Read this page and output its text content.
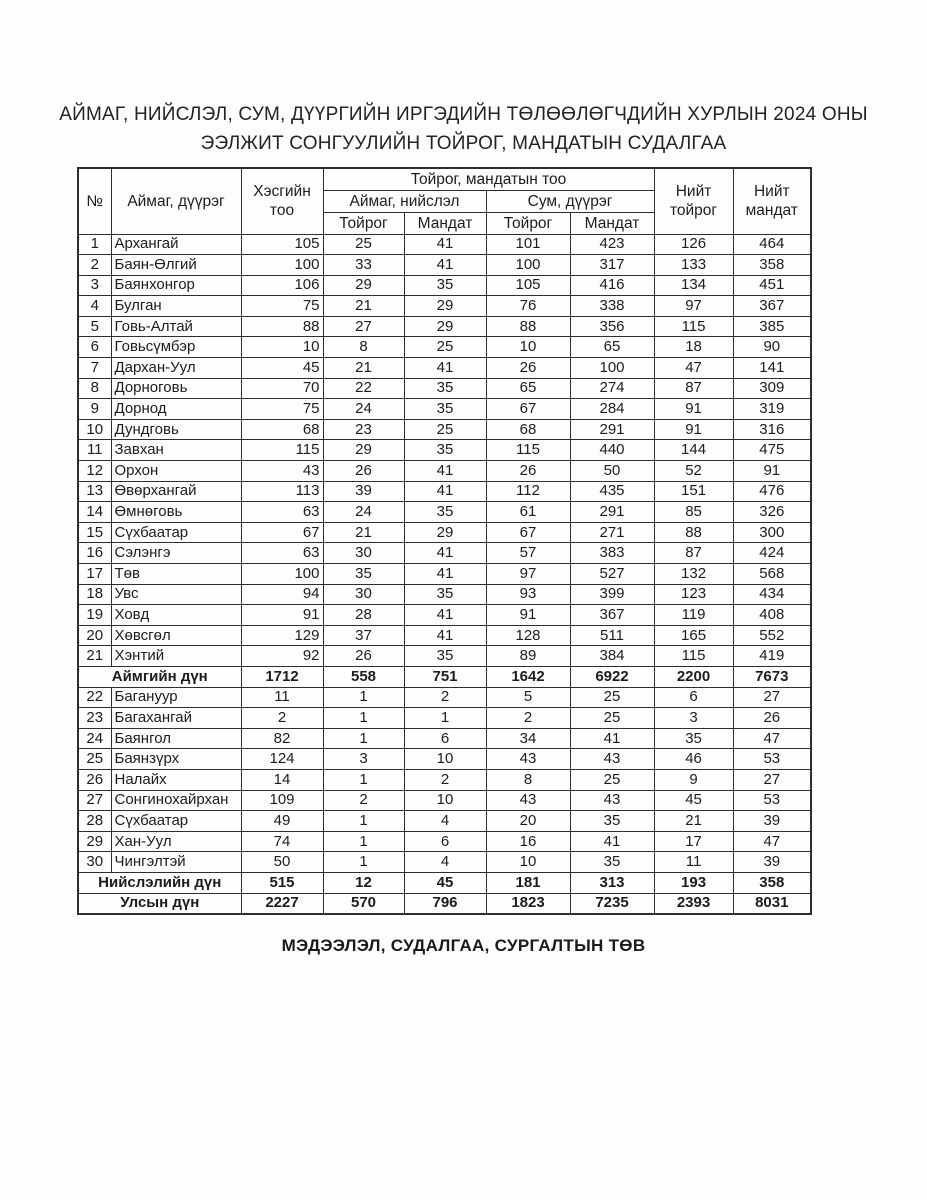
АЙМАГ, НИЙСЛЭЛ, СУМ, ДҮҮРГИЙН ИРГЭДИЙН ТӨЛӨӨЛӨГЧДИЙН ХУРЛЫН 2024 ОНЫ
ЭЭЛЖИТ СОНГУУЛИЙН ТОЙРОГ, МАНДАТЫН СУДАЛГАА
№	Аймаг, дүүрэг	Хэсгийн тоо	Тойрог, мандатын тоо				Нийт тойрог	Нийт мандат
			Аймаг, нийслэл		Сум, дүүрэг			
			Тойрог	Мандат	Тойрог	Мандат		
1	Архангай	105	25	41	101	423	126	464
2	Баян-Өлгий	100	33	41	100	317	133	358
3	Баянхонгор	106	29	35	105	416	134	451
4	Булган	75	21	29	76	338	97	367
5	Говь-Алтай	88	27	29	88	356	115	385
6	Говьсүмбэр	10	8	25	10	65	18	90
7	Дархан-Уул	45	21	41	26	100	47	141
8	Дорноговь	70	22	35	65	274	87	309
9	Дорнод	75	24	35	67	284	91	319
10	Дундговь	68	23	25	68	291	91	316
11	Завхан	115	29	35	115	440	144	475
12	Орхон	43	26	41	26	50	52	91
13	Өвөрхангай	113	39	41	112	435	151	476
14	Өмнөговь	63	24	35	61	291	85	326
15	Сүхбаатар	67	21	29	67	271	88	300
16	Сэлэнгэ	63	30	41	57	383	87	424
17	Төв	100	35	41	97	527	132	568
18	Увс	94	30	35	93	399	123	434
19	Ховд	91	28	41	91	367	119	408
20	Хөвсгөл	129	37	41	128	511	165	552
21	Хэнтий	92	26	35	89	384	115	419
Аймгийн дүн		1712	558	751	1642	6922	2200	7673
22	Багануур	11	1	2	5	25	6	27
23	Багахангай	2	1	1	2	25	3	26
24	Баянгол	82	1	6	34	41	35	47
25	Баянзүрх	124	3	10	43	43	46	53
26	Налайх	14	1	2	8	25	9	27
27	Сонгинохайрхан	109	2	10	43	43	45	53
28	Сүхбаатар	49	1	4	20	35	21	39
29	Хан-Уул	74	1	6	16	41	17	47
30	Чингэлтэй	50	1	4	10	35	11	39
Нийслэлийн дүн		515	12	45	181	313	193	358
Улсын дүн		2227	570	796	1823	7235	2393	8031
МЭДЭЭЛЭЛ, СУДАЛГАА, СУРГАЛТЫН ТӨВ
